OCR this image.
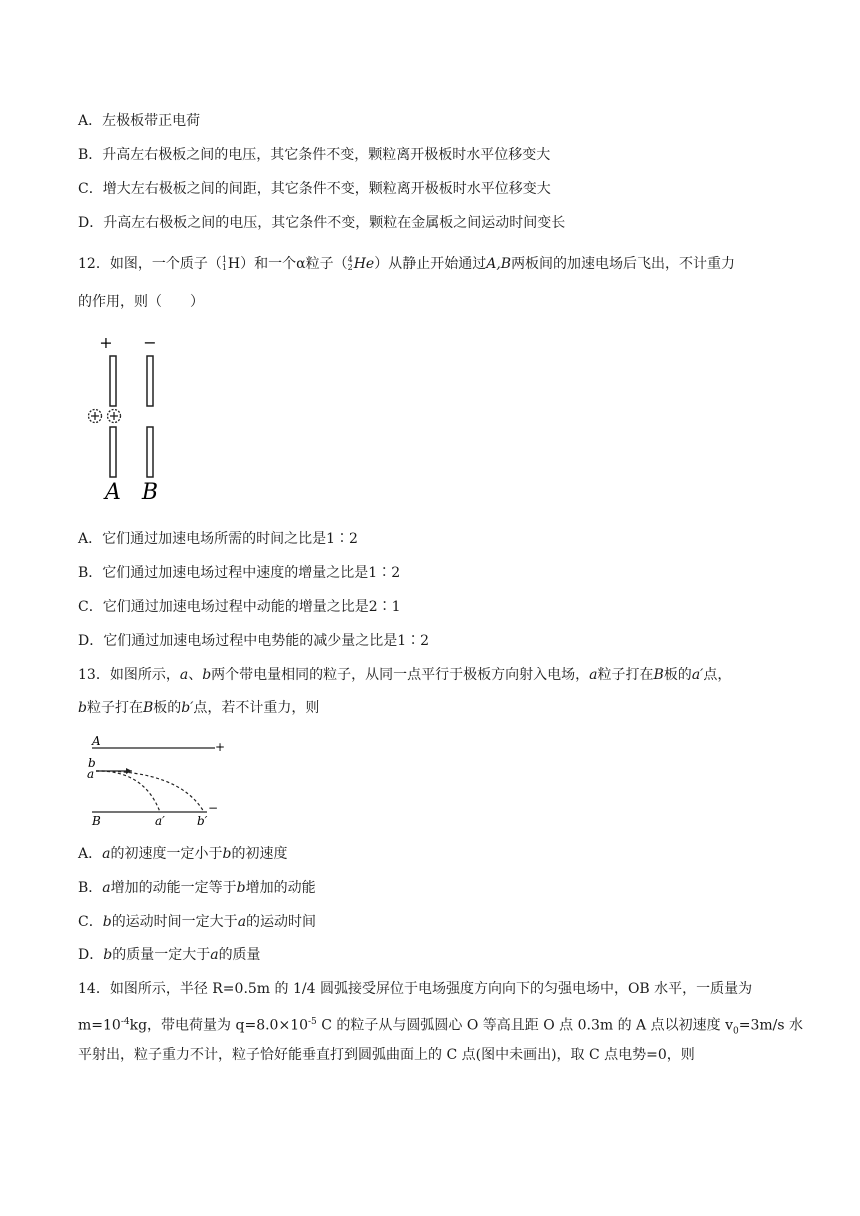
A．左极板带正电荷
B．升高左右极板之间的电压，其它条件不变，颗粒离开极板时水平位移变大
C．增大左右极板之间的间距，其它条件不变，颗粒离开极板时水平位移变大
D．升高左右极板之间的电压，其它条件不变，颗粒在金属板之间运动时间变长
12．如图，一个质子（ 1
1 H）和一个α粒子（ 4
2 He）从静止开始通过A,B两板间的加速电场后飞出，不计重力
的作用，则（　　）
+ −
A B
A．它们通过加速电场所需的时间之比是1∶2
B．它们通过加速电场过程中速度的增量之比是1∶2
C．它们通过加速电场过程中动能的增量之比是2∶1
D．它们通过加速电场过程中电势能的减少量之比是1∶2
13．如图所示，a、b两个带电量相同的粒子，从同一点平行于极板方向射入电场，a粒子打在B板的a′点，
b粒子打在B板的b′点，若不计重力，则
A	+
b
a
−
B	a′	b′
A．a的初速度一定小于b的初速度
B．a增加的动能一定等于b增加的动能
C．b的运动时间一定大于a的运动时间
D．b的质量一定大于a的质量
14．如图所示，半径 R=0.5m 的 1/4 圆弧接受屏位于电场强度方向向下的匀强电场中，OB 水平，一质量为
$m=10^{-4}kg$，带电荷量为 $q=8.0\times 10^{-5}$ C 的粒子从与圆弧圆心 O 等高且距 O 点 0.3m 的 A 点以初速度 $v_0=3m/s$ 水
平射出，粒子重力不计，粒子恰好能垂直打到圆弧曲面上的 C 点(图中未画出)，取 C 点电势=0，则
